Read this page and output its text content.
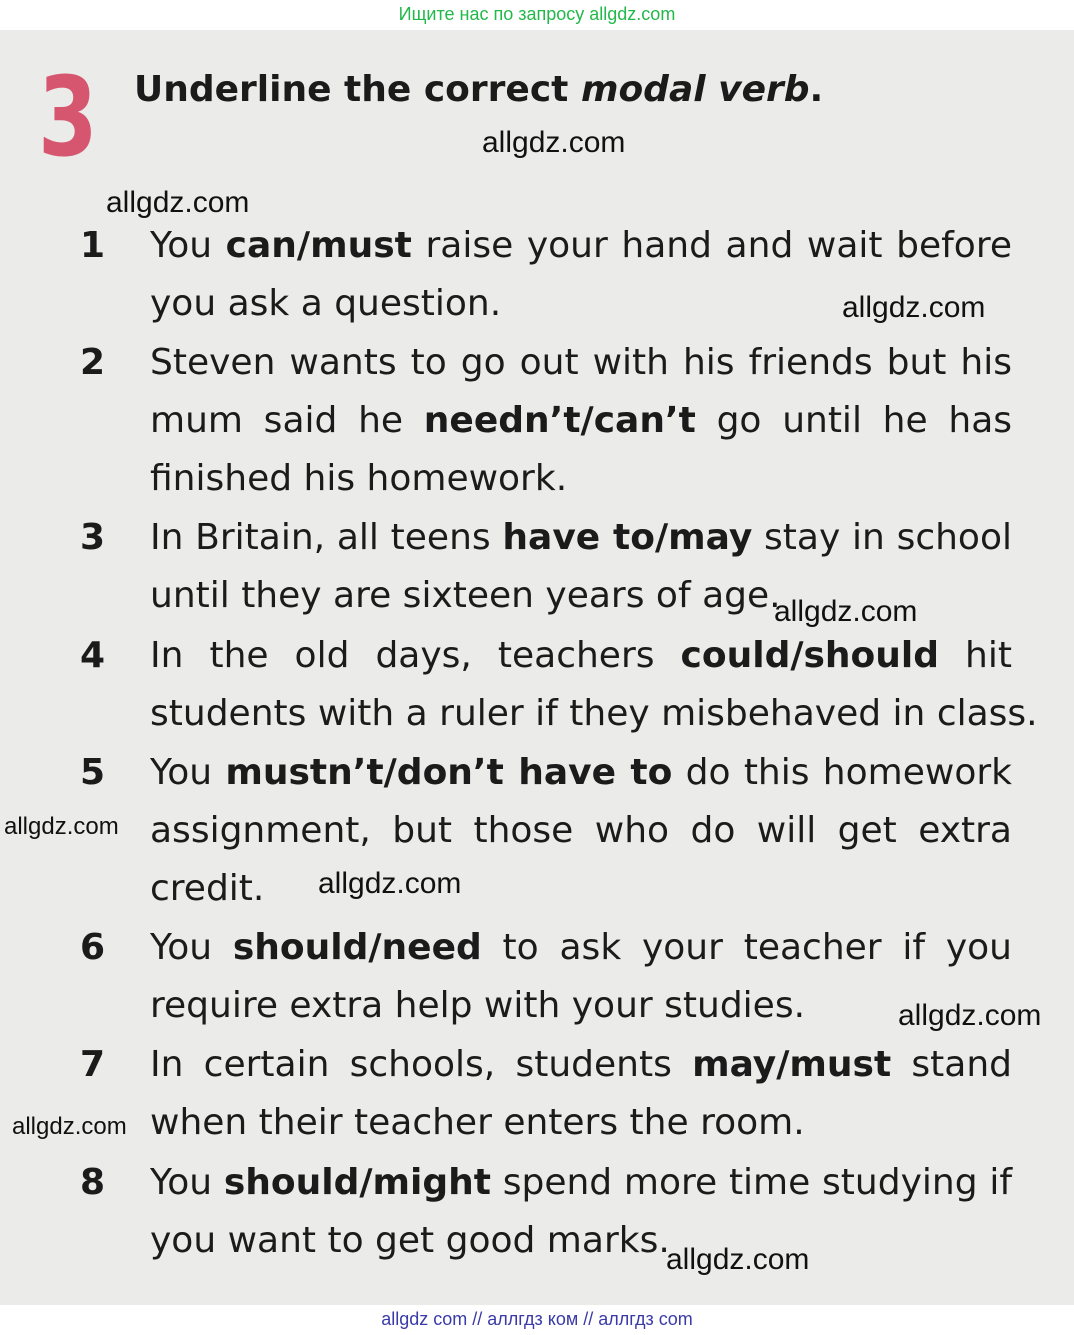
Ищите нас по запросу allgdz.com
3 Underline the correct modal verb.
1 You can/must raise your hand and wait before
you ask a question.
2 Steven wants to go out with his friends but his
mum said he needn’t/can’t go until he has
finished his homework.
3 In Britain, all teens have to/may stay in school
until they are sixteen years of age.
4 In the old days, teachers could/should hit
students with a ruler if they misbehaved in class.
5 You mustn’t/don’t have to do this homework
assignment, but those who do will get extra
credit.
6 You should/need to ask your teacher if you
require extra help with your studies.
7 In certain schools, students may/must stand
when their teacher enters the room.
8 You should/might spend more time studying if
you want to get good marks.
allgdz.com
allgdz.com
allgdz.com
allgdz.com
allgdz.com
allgdz.com
allgdz.com
allgdz.com
allgdz.com
allgdz com // аллгдз ком // аллгдз com
